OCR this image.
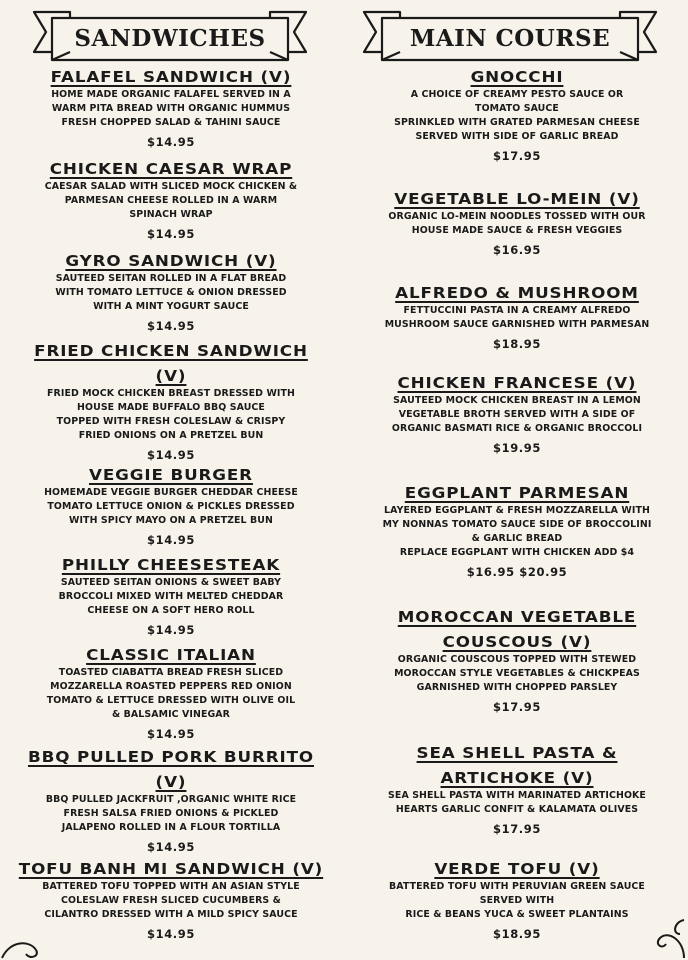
SANDWICHES
FALAFEL SANDWICH (V)
HOME MADE ORGANIC FALAFEL SERVED IN A
WARM PITA BREAD WITH ORGANIC HUMMUS
FRESH CHOPPED SALAD & TAHINI SAUCE
$14.95
CHICKEN CAESAR WRAP
CAESAR SALAD WITH SLICED MOCK CHICKEN &
PARMESAN CHEESE ROLLED IN A WARM
SPINACH WRAP
$14.95
GYRO SANDWICH (V)
SAUTEED SEITAN ROLLED IN A FLAT BREAD
WITH TOMATO LETTUCE & ONION DRESSED
WITH A MINT YOGURT SAUCE
$14.95
FRIED CHICKEN SANDWICH
(V)
FRIED MOCK CHICKEN BREAST DRESSED WITH
HOUSE MADE BUFFALO BBQ SAUCE
TOPPED WITH FRESH COLESLAW & CRISPY
FRIED ONIONS ON A PRETZEL BUN
$14.95
VEGGIE BURGER
HOMEMADE VEGGIE BURGER CHEDDAR CHEESE
TOMATO LETTUCE ONION & PICKLES DRESSED
WITH SPICY MAYO ON A PRETZEL BUN
$14.95
PHILLY CHEESESTEAK
SAUTEED SEITAN ONIONS & SWEET BABY
BROCCOLI MIXED WITH MELTED CHEDDAR
CHEESE ON A SOFT HERO ROLL
$14.95
CLASSIC ITALIAN
TOASTED CIABATTA BREAD FRESH SLICED
MOZZARELLA ROASTED PEPPERS RED ONION
TOMATO & LETTUCE DRESSED WITH OLIVE OIL
& BALSAMIC VINEGAR
$14.95
BBQ PULLED PORK BURRITO
(V)
BBQ PULLED JACKFRUIT ,ORGANIC WHITE RICE
FRESH SALSA FRIED ONIONS & PICKLED
JALAPENO ROLLED IN A FLOUR TORTILLA
$14.95
TOFU BANH MI SANDWICH (V)
BATTERED TOFU TOPPED WITH AN ASIAN STYLE
COLESLAW FRESH SLICED CUCUMBERS &
CILANTRO DRESSED WITH A MILD SPICY SAUCE
$14.95
MAIN COURSE
GNOCCHI
A CHOICE OF CREAMY PESTO SAUCE OR
TOMATO SAUCE
SPRINKLED WITH GRATED PARMESAN CHEESE
SERVED WITH SIDE OF GARLIC BREAD
$17.95
VEGETABLE LO-MEIN (V)
ORGANIC LO-MEIN NOODLES TOSSED WITH OUR
HOUSE MADE SAUCE & FRESH VEGGIES
$16.95
ALFREDO & MUSHROOM
FETTUCCINI PASTA IN A CREAMY ALFREDO
MUSHROOM SAUCE GARNISHED WITH PARMESAN
$18.95
CHICKEN FRANCESE (V)
SAUTEED MOCK CHICKEN BREAST IN A LEMON
VEGETABLE BROTH SERVED WITH A SIDE OF
ORGANIC BASMATI RICE & ORGANIC BROCCOLI
$19.95
EGGPLANT PARMESAN
LAYERED EGGPLANT & FRESH MOZZARELLA WITH
MY NONNAS TOMATO SAUCE SIDE OF BROCCOLINI
& GARLIC BREAD
REPLACE EGGPLANT WITH CHICKEN ADD $4
$16.95 $20.95
MOROCCAN VEGETABLE
COUSCOUS (V)
ORGANIC COUSCOUS TOPPED WITH STEWED
MOROCCAN STYLE VEGETABLES & CHICKPEAS
GARNISHED WITH CHOPPED PARSLEY
$17.95
SEA SHELL PASTA &
ARTICHOKE (V)
SEA SHELL PASTA WITH MARINATED ARTICHOKE
HEARTS GARLIC CONFIT & KALAMATA OLIVES
$17.95
VERDE TOFU (V)
BATTERED TOFU WITH PERUVIAN GREEN SAUCE
SERVED WITH
RICE & BEANS YUCA & SWEET PLANTAINS
$18.95
